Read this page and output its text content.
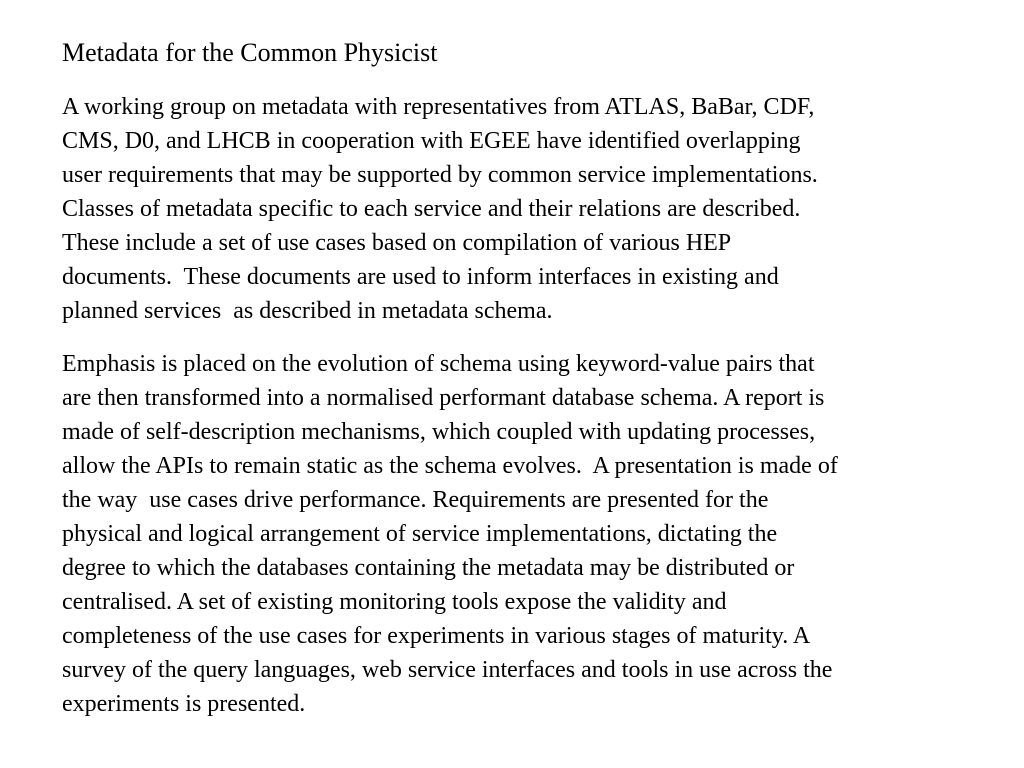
Metadata for the Common Physicist
A working group on metadata with representatives from ATLAS, BaBar, CDF,
CMS, D0, and LHCB in cooperation with EGEE have identified overlapping
user requirements that may be supported by common service implementations.
Classes of metadata specific to each service and their relations are described.
These include a set of use cases based on compilation of various HEP
documents.  These documents are used to inform interfaces in existing and
planned services  as described in metadata schema.
Emphasis is placed on the evolution of schema using keyword-value pairs that
are then transformed into a normalised performant database schema. A report is
made of self-description mechanisms, which coupled with updating processes,
allow the APIs to remain static as the schema evolves.  A presentation is made of
the way  use cases drive performance. Requirements are presented for the
physical and logical arrangement of service implementations, dictating the
degree to which the databases containing the metadata may be distributed or
centralised. A set of existing monitoring tools expose the validity and
completeness of the use cases for experiments in various stages of maturity. A
survey of the query languages, web service interfaces and tools in use across the
experiments is presented.
